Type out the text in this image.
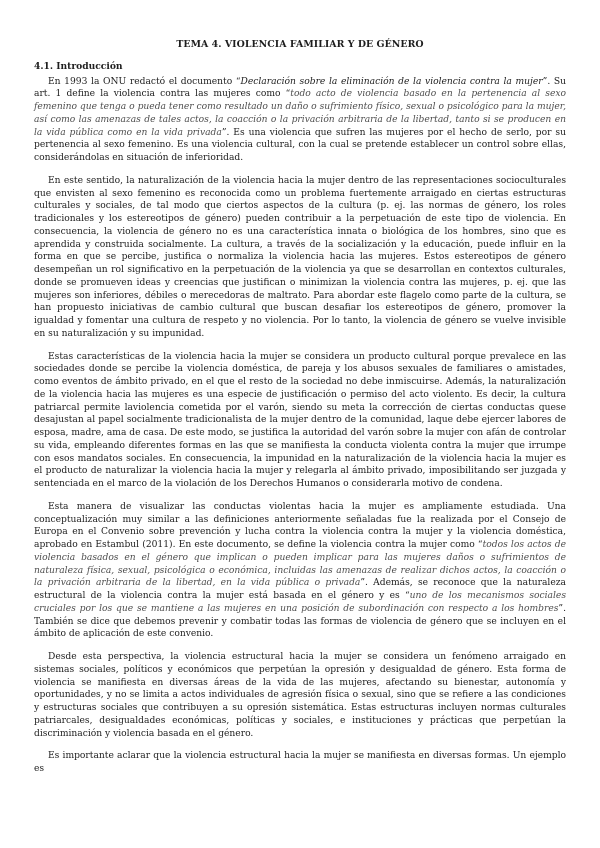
TEMA 4. VIOLENCIA FAMILIAR Y DE GÉNERO
4.1. Introducción

En 1993 la ONU redactó el documento “Declaración sobre la eliminación de la violencia contra la mujer”. Su art. 1 define la violencia contra las mujeres como “todo acto de violencia basado en la pertenencia al sexo femenino que tenga o pueda tener como resultado un daño o sufrimiento físico, sexual o psicológico para la mujer, así como las amenazas de tales actos, la coacción o la privación arbitraria de la libertad, tanto si se producen en la vida pública como en la vida privada”. Es una violencia que sufren las mujeres por el hecho de serlo, por su pertenencia al sexo femenino. Es una violencia cultural, con la cual se pretende establecer un control sobre ellas, considerándolas en situación de inferioridad.

En este sentido, la naturalización de la violencia hacia la mujer dentro de las representaciones socioculturales que envisten al sexo femenino es reconocida como un problema fuertemente arraigado en ciertas estructuras culturales y sociales, de tal modo que ciertos aspectos de la cultura (p. ej. las normas de género, los roles tradicionales y los estereotipos de género) pueden contribuir a la perpetuación de este tipo de violencia. En consecuencia, la violencia de género no es una característica innata o biológica de los hombres, sino que es aprendida y construida socialmente. La cultura, a través de la socialización y la educación, puede influir en la forma en que se percibe, justifica o normaliza la violencia hacia las mujeres. Estos estereotipos de género desempeñan un rol significativo en la perpetuación de la violencia ya que se desarrollan en contextos culturales, donde se promueven ideas y creencias que justifican o minimizan la violencia contra las mujeres, p. ej. que las mujeres son inferiores, débiles o merecedoras de maltrato. Para abordar este flagelo como parte de la cultura, se han propuesto iniciativas de cambio cultural que buscan desafiar los estereotipos de género, promover la igualdad y fomentar una cultura de respeto y no violencia. Por lo tanto, la violencia de género se vuelve invisible en su naturalización y su impunidad.

Estas características de la violencia hacia la mujer se considera un producto cultural porque prevalece en las sociedades donde se percibe la violencia doméstica, de pareja y los abusos sexuales de familiares o amistades, como eventos de ámbito privado, en el que el resto de la sociedad no debe inmiscuirse. Además, la naturalización de la violencia hacia las mujeres es una especie de justificación o permiso del acto violento. Es decir, la cultura patriarcal permite laviolencia cometida por el varón, siendo su meta la corrección de ciertas conductas quese desajustan al papel socialmente tradicionalista de la mujer dentro de la comunidad, laque debe ejercer labores de esposa, madre, ama de casa. De este modo, se justifica la autoridad del varón sobre la mujer con afán de controlar su vida, empleando diferentes formas en las que se manifiesta la conducta violenta contra la mujer que irrumpe con esos mandatos sociales. En consecuencia, la impunidad en la naturalización de la violencia hacia la mujer es el producto de naturalizar la violencia hacia la mujer y relegarla al ámbito privado, imposibilitando ser juzgada y sentenciada en el marco de la violación de los Derechos Humanos o considerarla motivo de condena.

Esta manera de visualizar las conductas violentas hacia la mujer es ampliamente estudiada. Una conceptualización muy similar a las definiciones anteriormente señaladas fue la realizada por el Consejo de Europa en el Convenio sobre prevención y lucha contra la violencia contra la mujer y la violencia doméstica, aprobado en Estambul (2011). En este documento, se define la violencia contra la mujer como “todos los actos de violencia basados en el género que implican o pueden implicar para las mujeres daños o sufrimientos de naturaleza física, sexual, psicológica o económica, incluidas las amenazas de realizar dichos actos, la coacción o la privación arbitraria de la libertad, en la vida pública o privada”. Además, se reconoce que la naturaleza estructural de la violencia contra la mujer está basada en el género y es “uno de los mecanismos sociales cruciales por los que se mantiene a las mujeres en una posición de subordinación con respecto a los hombres”. También se dice que debemos prevenir y combatir todas las formas de violencia de género que se incluyen en el ámbito de aplicación de este convenio.

Desde esta perspectiva, la violencia estructural hacia la mujer se considera un fenómeno arraigado en sistemas sociales, políticos y económicos que perpetúan la opresión y desigualdad de género. Esta forma de violencia se manifiesta en diversas áreas de la vida de las mujeres, afectando su bienestar, autonomía y oportunidades, y no se limita a actos individuales de agresión física o sexual, sino que se refiere a las condiciones y estructuras sociales que contribuyen a su opresión sistemática. Estas estructuras incluyen normas culturales patriarcales, desigualdades económicas, políticas y sociales, e instituciones y prácticas que perpetúan la discriminación y violencia basada en el género.

Es importante aclarar que la violencia estructural hacia la mujer se manifiesta en diversas formas. Un ejemplo es
